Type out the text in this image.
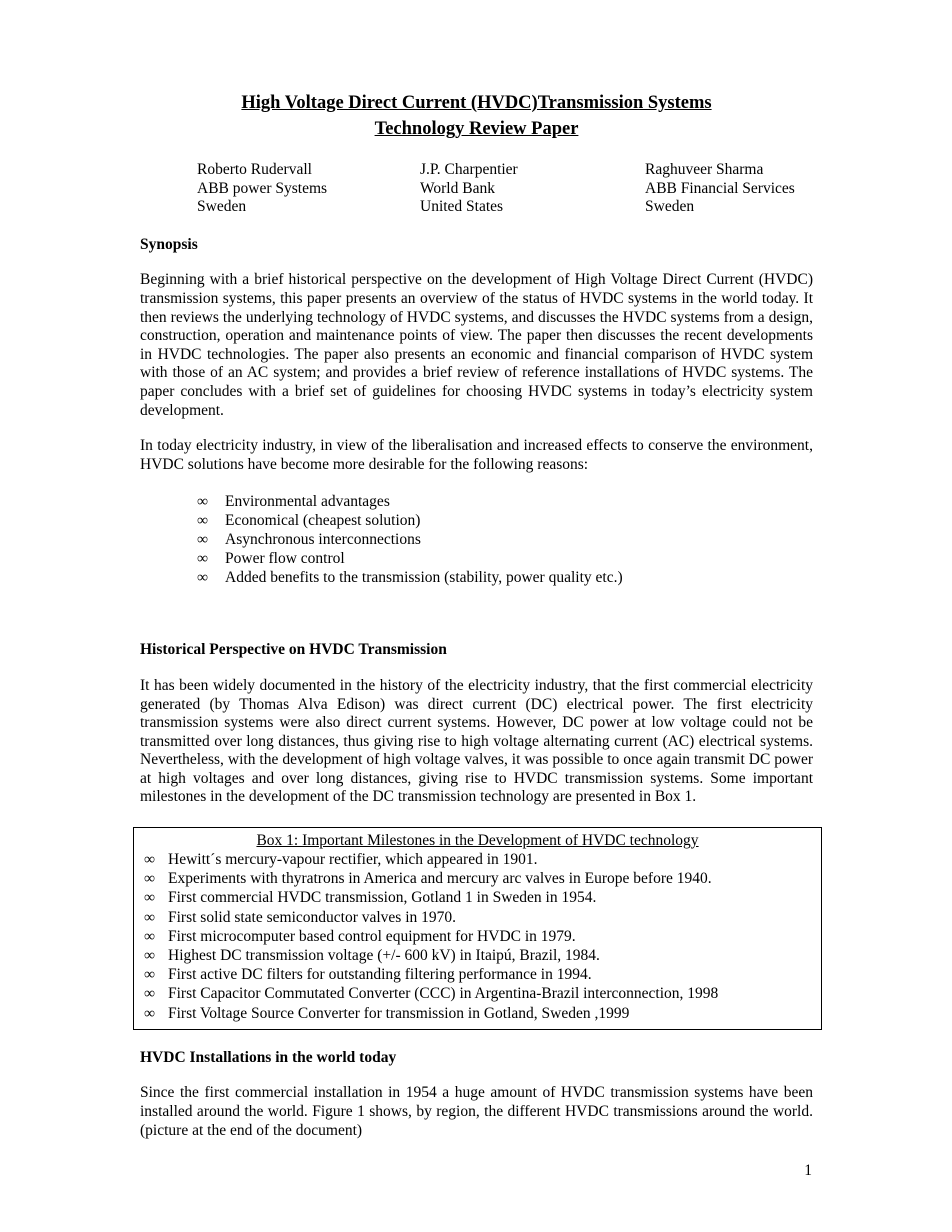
High Voltage Direct Current (HVDC)Transmission Systems
Technology Review Paper
Roberto Rudervall
ABB power Systems
Sweden
J.P. Charpentier
World Bank
United States
Raghuveer Sharma
ABB Financial Services
Sweden
Synopsis
Beginning with a brief historical perspective on the development of High Voltage Direct Current (HVDC) transmission systems, this paper presents an overview of the status of HVDC systems in the world today. It then reviews the underlying technology of HVDC systems, and discusses the HVDC systems from a design, construction, operation and maintenance points of view. The paper then discusses the recent developments in HVDC technologies. The paper also presents an economic and financial comparison of HVDC system with those of an AC system; and provides a brief review of reference installations of HVDC systems. The paper concludes with a brief set of guidelines for choosing HVDC systems in today’s electricity system development.
In today electricity industry, in view of the liberalisation and increased effects to conserve the environment, HVDC solutions have become more desirable for the following reasons:
∞	Environmental advantages
∞	Economical (cheapest solution)
∞	Asynchronous interconnections
∞	Power flow control
∞	Added benefits to the transmission (stability, power quality etc.)
Historical Perspective on HVDC Transmission
It has been widely documented in the history of the electricity industry, that the first commercial electricity generated (by Thomas Alva Edison) was direct current (DC) electrical power. The first electricity transmission systems were also direct current systems. However, DC power at low voltage could not be transmitted over long distances, thus giving rise to high voltage alternating current (AC) electrical systems. Nevertheless, with the development of high voltage valves, it was possible to once again transmit DC power at high voltages and over long distances, giving rise to HVDC transmission systems. Some important milestones in the development of the DC transmission technology are presented in Box 1.
Box 1: Important Milestones in the Development of HVDC technology
∞ Hewitt´s mercury-vapour rectifier, which appeared in 1901.
∞ Experiments with thyratrons in America and mercury arc valves in Europe before 1940.
∞ First commercial HVDC transmission, Gotland 1 in Sweden in 1954.
∞ First solid state semiconductor valves in 1970.
∞ First microcomputer based control equipment for HVDC in 1979.
∞ Highest DC transmission voltage (+/- 600 kV) in Itaipú, Brazil, 1984.
∞ First active DC filters for outstanding filtering performance in 1994.
∞ First Capacitor Commutated Converter (CCC) in Argentina-Brazil interconnection, 1998
∞ First Voltage Source Converter for transmission in Gotland, Sweden ,1999
HVDC Installations in the world today
Since the first commercial installation in 1954 a huge amount of HVDC transmission systems have been installed around the world. Figure 1 shows, by region, the different HVDC transmissions around the world. (picture at the end of the document)
1
